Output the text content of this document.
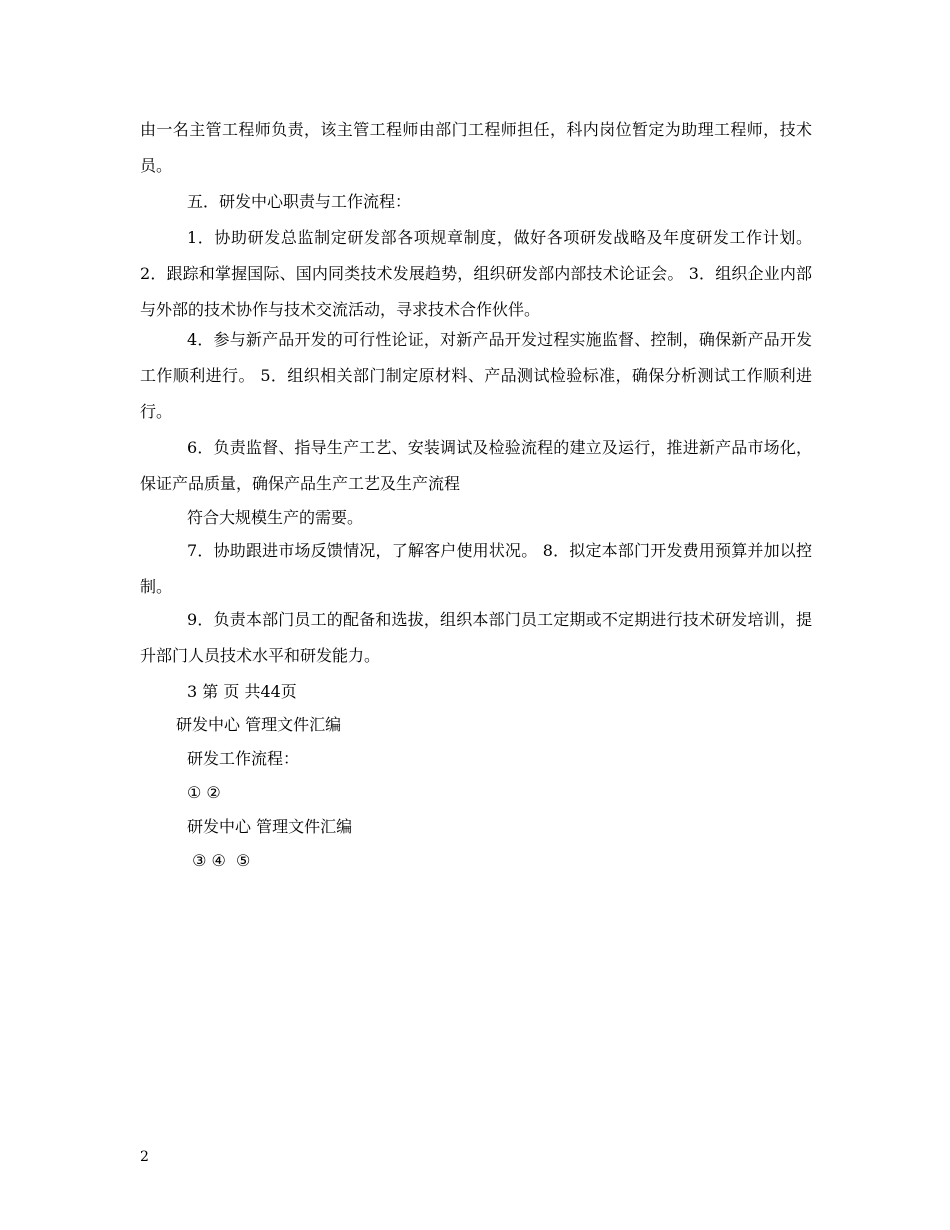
由一名主管工程师负责，该主管工程师由部门工程师担任，科内岗位暂定为助理工程师，技术员。

五．研发中心职责与工作流程：

1．协助研发总监制定研发部各项规章制度，做好各项研发战略及年度研发工作计划。 2．跟踪和掌握国际、国内同类技术发展趋势，组织研发部内部技术论证会。 3．组织企业内部与外部的技术协作与技术交流活动，寻求技术合作伙伴。

4．参与新产品开发的可行性论证，对新产品开发过程实施监督、控制，确保新产品开发工作顺利进行。 5．组织相关部门制定原材料、产品测试检验标准，确保分析测试工作顺利进行。

6．负责监督、指导生产工艺、安装调试及检验流程的建立及运行，推进新产品市场化，保证产品质量，确保产品生产工艺及生产流程

符合大规模生产的需要。

7．协助跟进市场反馈情况，了解客户使用状况。 8．拟定本部门开发费用预算并加以控制。

9．负责本部门员工的配备和选拔，组织本部门员工定期或不定期进行技术研发培训，提升部门人员技术水平和研发能力。

3 第 页 共44页

研发中心 管理文件汇编

研发工作流程：

① ②

研发中心 管理文件汇编

③ ④  ⑤

2
